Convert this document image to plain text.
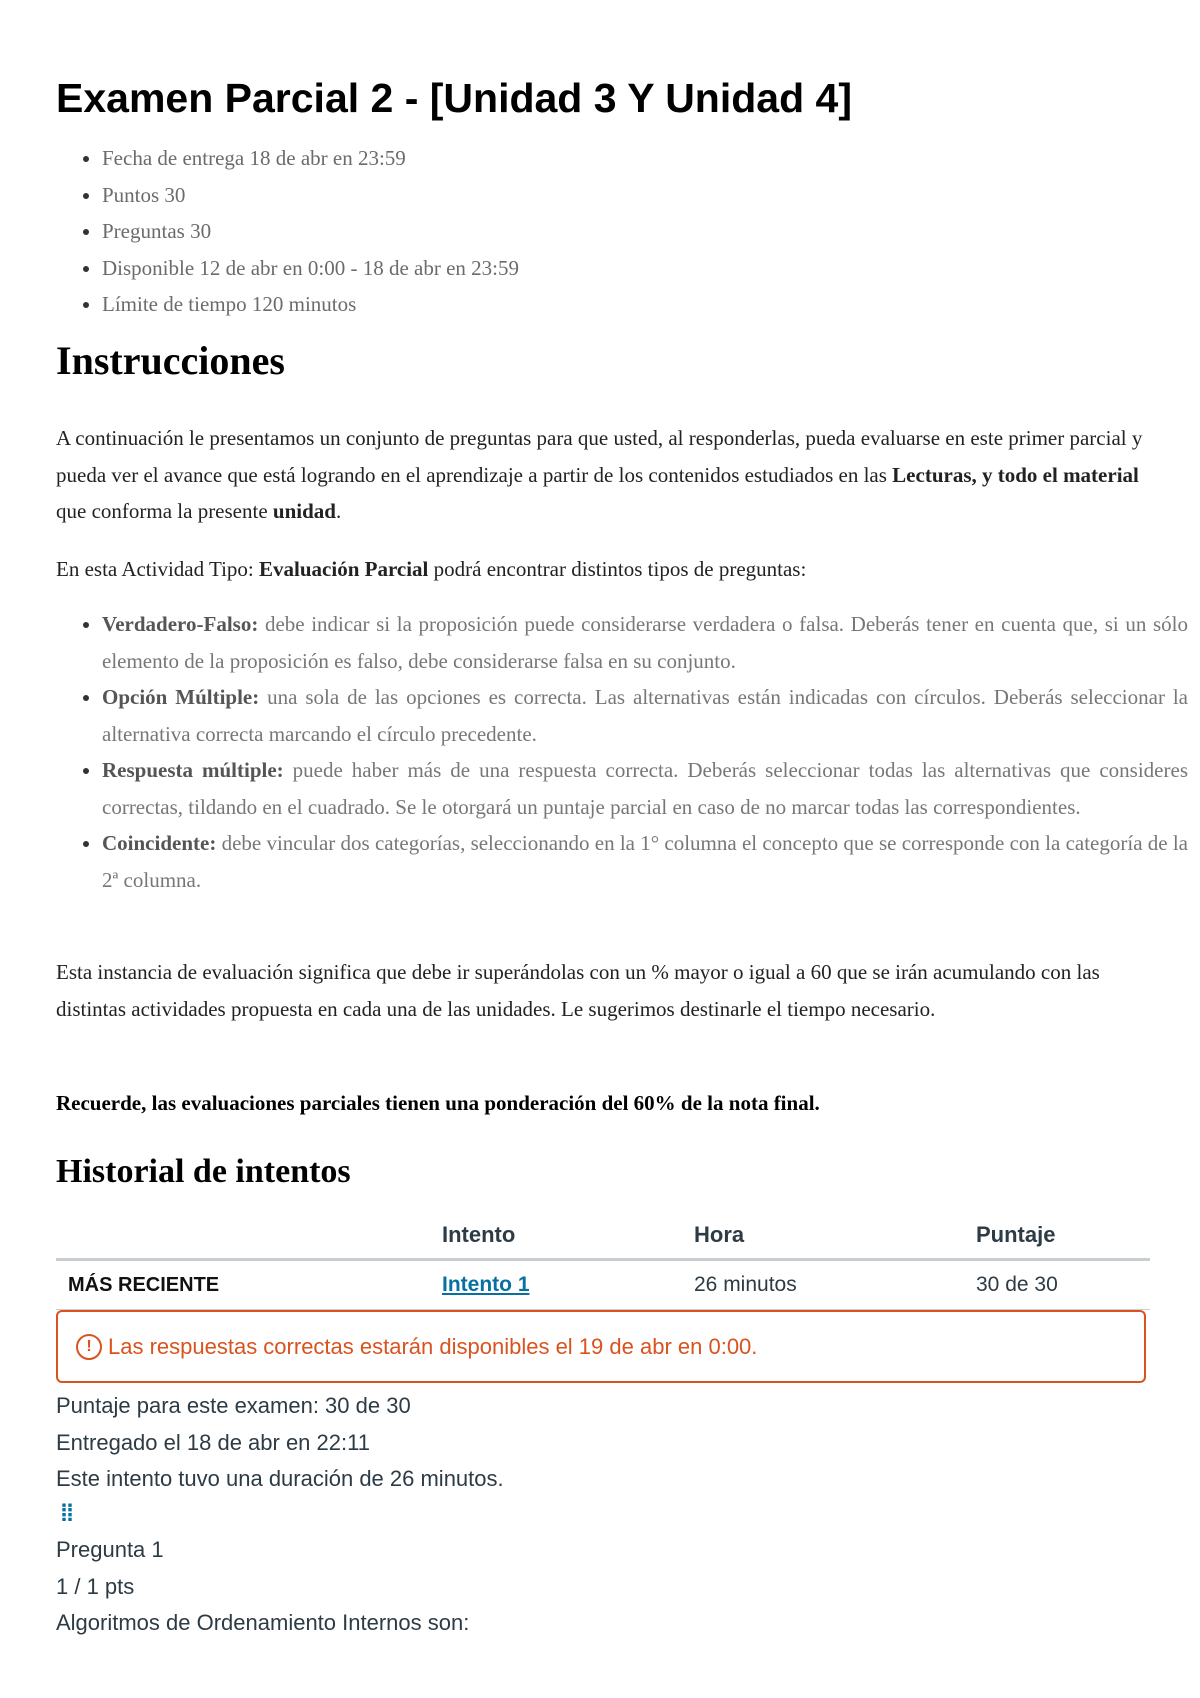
Examen Parcial 2 - [Unidad 3 Y Unidad 4]
• Fecha de entrega 18 de abr en 23:59
• Puntos 30
• Preguntas 30
• Disponible 12 de abr en 0:00 - 18 de abr en 23:59
• Límite de tiempo 120 minutos
Instrucciones

A continuación le presentamos un conjunto de preguntas para que usted, al responderlas, pueda evaluarse en este primer parcial y pueda ver el avance que está logrando en el aprendizaje a partir de los contenidos estudiados en las Lecturas, y todo el material que conforma la presente unidad.

En esta Actividad Tipo: Evaluación Parcial podrá encontrar distintos tipos de preguntas:

• Verdadero-Falso: debe indicar si la proposición puede considerarse verdadera o falsa. Deberás tener en cuenta que, si un sólo elemento de la proposición es falso, debe considerarse falsa en su conjunto.
• Opción Múltiple: una sola de las opciones es correcta. Las alternativas están indicadas con círculos. Deberás seleccionar la alternativa correcta marcando el círculo precedente.
• Respuesta múltiple: puede haber más de una respuesta correcta. Deberás seleccionar todas las alternativas que consideres correctas, tildando en el cuadrado. Se le otorgará un puntaje parcial en caso de no marcar todas las correspondientes.
• Coincidente: debe vincular dos categorías, seleccionando en la 1° columna el concepto que se corresponde con la categoría de la 2ª columna.

Esta instancia de evaluación significa que debe ir superándolas con un % mayor o igual a 60 que se irán acumulando con las distintas actividades propuesta en cada una de las unidades. Le sugerimos destinarle el tiempo necesario.

Recuerde, las evaluaciones parciales tienen una ponderación del 60% de la nota final.

Historial de intentos
	Intento	Hora	Puntaje
MÁS RECIENTE	Intento 1	26 minutos	30 de 30
! Las respuestas correctas estarán disponibles el 19 de abr en 0:00.
Puntaje para este examen: 30 de 30
Entregado el 18 de abr en 22:11
Este intento tuvo una duración de 26 minutos.
⁞⁞
Pregunta 1
1 / 1 pts
Algoritmos de Ordenamiento Internos son:
